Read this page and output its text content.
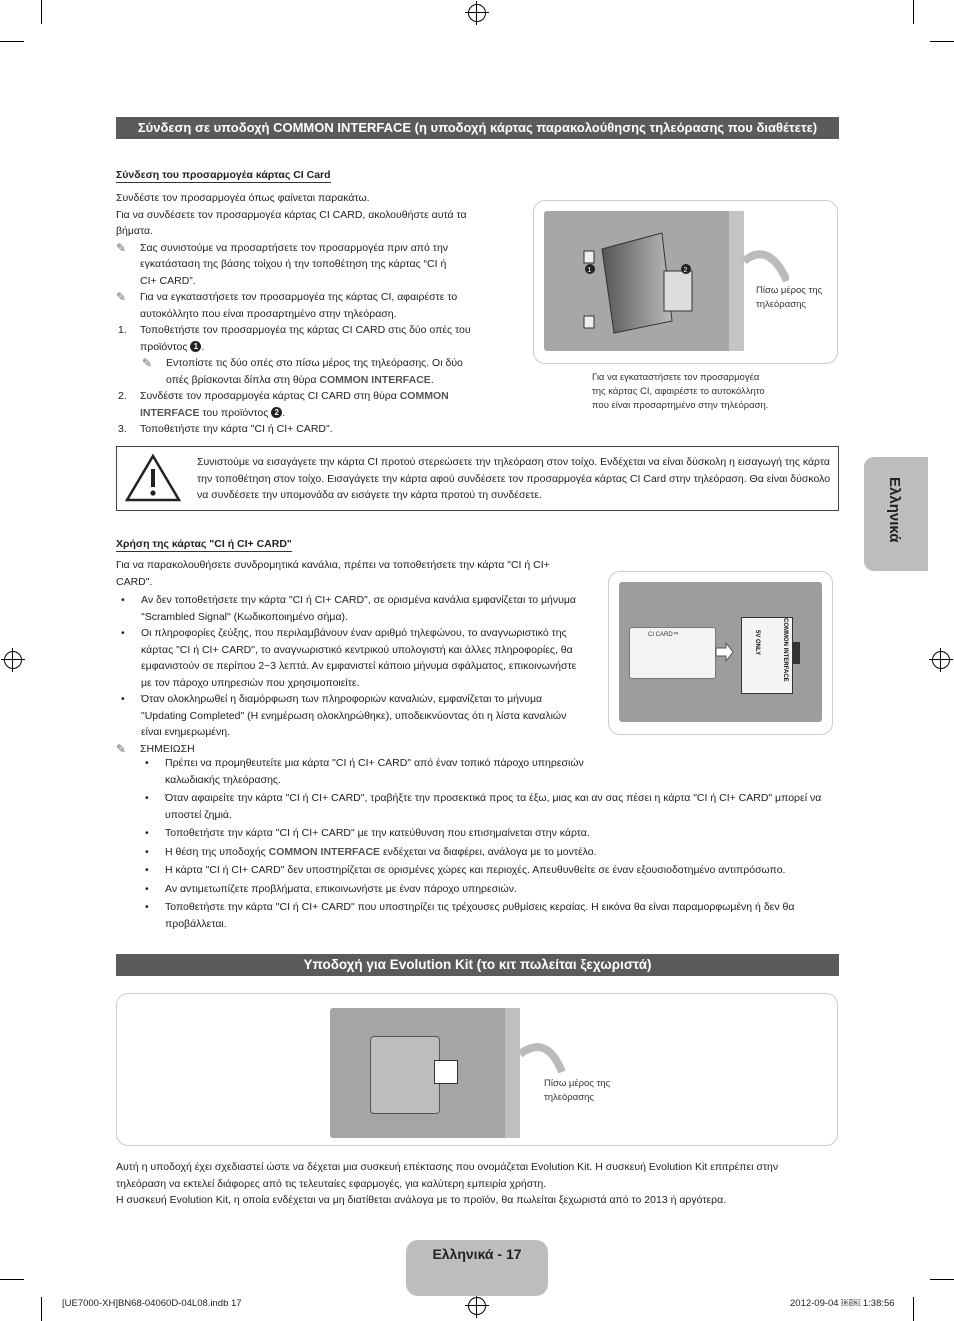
Σύνδεση σε υποδοχή COMMON INTERFACE (η υποδοχή κάρτας παρακολούθησης τηλεόρασης που διαθέτετε)
Σύνδεση του προσαρμογέα κάρτας CI Card
Συνδέστε τον προσαρμογέα όπως φαίνεται παρακάτω.
Για να συνδέσετε τον προσαρμογέα κάρτας CI CARD, ακολουθήστε αυτά τα
βήματα.
✎	Σας συνιστούμε να προσαρτήσετε τον προσαρμογέα πριν από την
εγκατάσταση της βάσης τοίχου ή την τοποθέτηση της κάρτας “CI ή
CI+ CARD”.
✎	Για να εγκαταστήσετε τον προσαρμογέα της κάρτας CI, αφαιρέστε το
αυτοκόλλητο που είναι προσαρτημένο στην τηλεόραση.
1. Τοποθετήστε τον προσαρμογέα της κάρτας CI CARD στις δύο οπές του
προϊόντος 1 .
✎	Εντοπίστε τις δύο οπές στο πίσω μέρος της τηλεόρασης. Οι δύο
οπές βρίσκονται δίπλα στη θύρα COMMON INTERFACE.
2. Συνδέστε τον προσαρμογέα κάρτας CI CARD στη θύρα COMMON
INTERFACE του προϊόντος 2 .
3. Τοποθετήστε την κάρτα "CI ή CI+ CARD".
1	2
Πίσω μέρος της τηλεόρασης
Για να εγκαταστήσετε τον προσαρμογέα
της κάρτας CI, αφαιρέστε το αυτοκόλλητο
που είναι προσαρτημένο στην τηλεόραση.
Συνιστούμε να εισαγάγετε την κάρτα CI προτού στερεώσετε την τηλεόραση στον τοίχο. Ενδέχεται να είναι δύσκολη η εισαγωγή της κάρτα την τοποθέτηση στον τοίχο. Εισαγάγετε την κάρτα αφού συνδέσετε τον προσαρμογέα κάρτας CI Card στην τηλεόραση. Θα είναι δύσκολο να συνδέσετε την υπομονάδα αν εισάγετε την κάρτα προτού τη συνδέσετε.
Χρήση της κάρτας "CI ή CI+ CARD"
Για να παρακολουθήσετε συνδρομητικά κανάλια, πρέπει να τοποθετήσετε την κάρτα "CI ή CI+
CARD".
• Αν δεν τοποθετήσετε την κάρτα "CI ή CI+ CARD", σε ορισμένα κανάλια εμφανίζεται το μήνυμα "Scrambled Signal" (Κωδικοποιημένο σήμα).
• Οι πληροφορίες ζεύξης, που περιλαμβάνουν έναν αριθμό τηλεφώνου, το αναγνωριστικό της κάρτας "CI ή CI+ CARD", το αναγνωριστικό κεντρικού υπολογιστή και άλλες πληροφορίες, θα εμφανιστούν σε περίπου 2~3 λεπτά. Αν εμφανιστεί κάποιο μήνυμα σφάλματος, επικοινωνήστε με τον πάροχο υπηρεσιών που χρησιμοποιείτε.
• Όταν ολοκληρωθεί η διαμόρφωση των πληροφοριών καναλιών, εμφανίζεται το μήνυμα "Updating Completed" (Η ενημέρωση ολοκληρώθηκε), υποδεικνύοντας ότι η λίστα καναλιών είναι ενημερωμένη.
✎	ΣΗΜΕΙΩΣΗ
• Πρέπει να προμηθευτείτε μια κάρτα "CI ή CI+ CARD" από έναν τοπικό πάροχο υπηρεσιών καλωδιακής τηλεόρασης.
• Όταν αφαιρείτε την κάρτα "CI ή CI+ CARD", τραβήξτε την προσεκτικά προς τα έξω, μιας και αν σας πέσει η κάρτα "CI ή CI+ CARD" μπορεί να υποστεί ζημιά.
• Τοποθετήστε την κάρτα "CI ή CI+ CARD" με την κατεύθυνση που επισημαίνεται στην κάρτα.
• Η θέση της υποδοχής COMMON INTERFACE ενδέχεται να διαφέρει, ανάλογα με το μοντέλο.
• Η κάρτα "CI ή CI+ CARD" δεν υποστηρίζεται σε ορισμένες χώρες και περιοχές. Απευθυνθείτε σε έναν εξουσιοδοτημένο αντιπρόσωπο.
• Αν αντιμετωπίζετε προβλήματα, επικοινωνήστε με έναν πάροχο υπηρεσιών.
• Τοποθετήστε την κάρτα "CI ή CI+ CARD" που υποστηρίζει τις τρέχουσες ρυθμίσεις κεραίας. Η εικόνα θα είναι παραμορφωμένη ή δεν θα προβάλλεται.
CI CARD™	COMMON INTERFACE
5V ONLY
Ελληνικά
Υποδοχή για Evolution Kit (το κιτ πωλείται ξεχωριστά)
Πίσω μέρος της τηλεόρασης
Αυτή η υποδοχή έχει σχεδιαστεί ώστε να δέχεται μια συσκευή επέκτασης που ονομάζεται Evolution Kit. Η συσκευή Evolution Kit επιτρέπει στην
τηλεόραση να εκτελεί διάφορες από τις τελευταίες εφαρμογές, για καλύτερη εμπειρία χρήστη.
Η συσκευή Evolution Kit, η οποία ενδέχεται να μη διατίθεται ανάλογα με το προϊόν, θα πωλείται ξεχωριστά από το 2013 ή αργότερα.
Ελληνικά - 17
[UE7000-XH]BN68-04060D-04L08.indb 17	2012-09-04 ￼￼ 1:38:56
